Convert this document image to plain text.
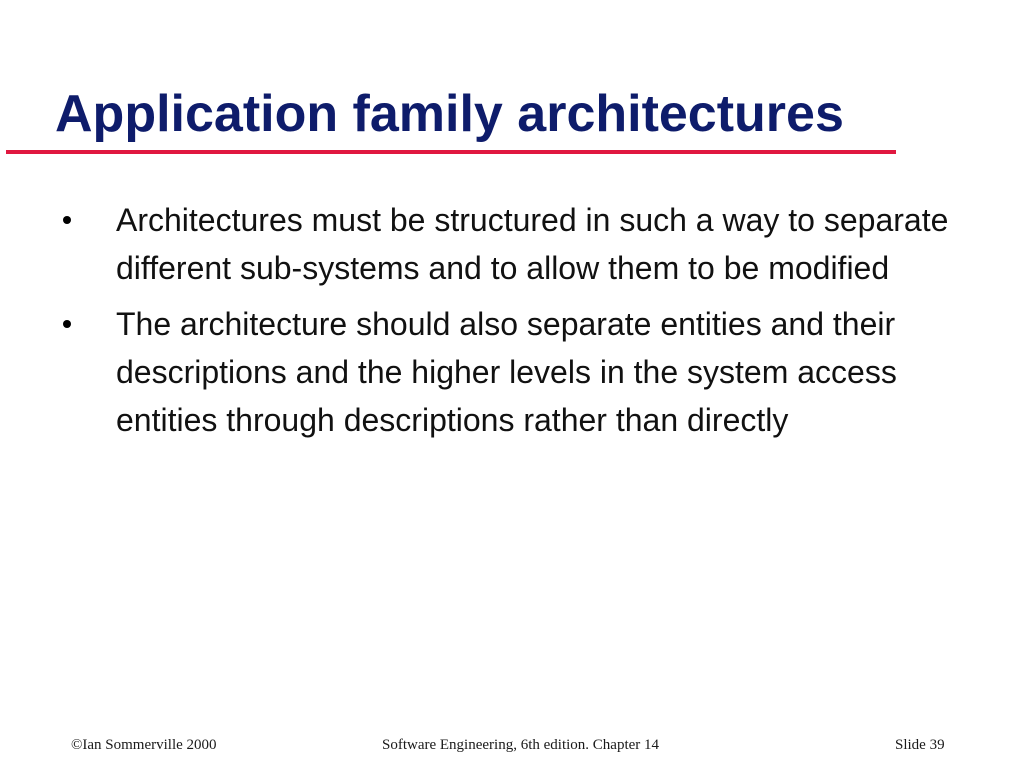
Application family architectures
Architectures must be structured in such a way to separate different sub-systems and to allow them to be modified
The architecture should also separate entities and their descriptions and the higher levels in the system access entities through descriptions rather than directly
©Ian Sommerville 2000	Software Engineering, 6th edition. Chapter 14	Slide 39
